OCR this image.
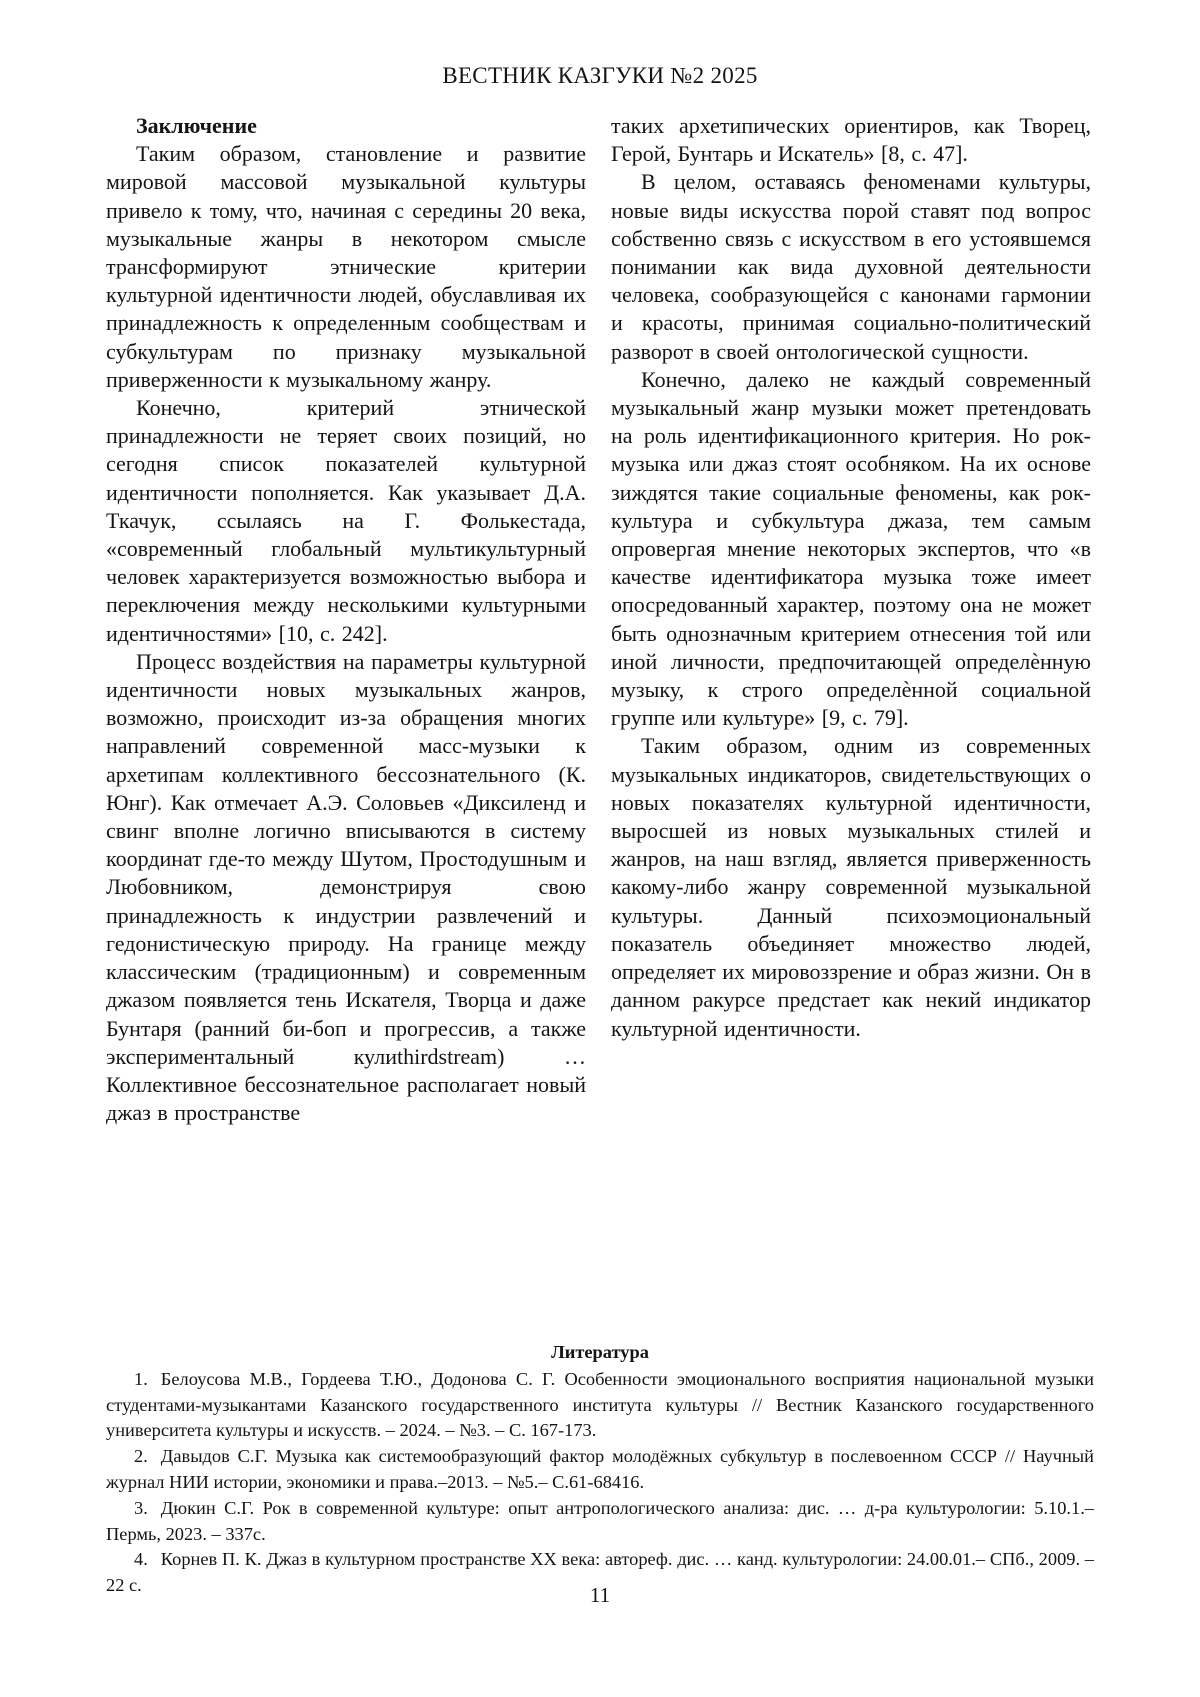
ВЕСТНИК КАЗГУКИ №2 2025

Заключение

Таким образом, становление и развитие мировой массовой музыкальной культуры привело к тому, что, начиная с середины 20 века, музыкальные жанры в некотором смысле трансформируют этнические критерии культурной идентичности людей, обуславливая их принадлежность к определенным сообществам и субкультурам по признаку музыкальной приверженности к музыкальному жанру.

Конечно, критерий этнической принадлежности не теряет своих позиций, но сегодня список показателей культурной идентичности пополняется. Как указывает Д.А. Ткачук, ссылаясь на Г. Фолькестада, «современный глобальный мультикультурный человек характеризуется возможностью выбора и переключения между несколькими культурными идентичностями» [10, с. 242].

Процесс воздействия на параметры культурной идентичности новых музыкальных жанров, возможно, происходит из-за обращения многих направлений современной масс-музыки к архетипам коллективного бессознательного (К. Юнг). Как отмечает А.Э. Соловьев «Диксиленд и свинг вполне логично вписываются в систему координат где-то между Шутом, Простодушным и Любовником, демонстрируя свою принадлежность к индустрии развлечений и гедонистическую природу. На границе между классическим (традиционным) и современным джазом появляется тень Искателя, Творца и даже Бунтаря (ранний би-боп и прогрессив, а также экспериментальный кулиthirdstream) … Коллективное бессознательное располагает новый джаз в пространстве

таких архетипических ориентиров, как Творец, Герой, Бунтарь и Искатель» [8, с. 47].

В целом, оставаясь феноменами культуры, новые виды искусства порой ставят под вопрос собственно связь с искусством в его устоявшемся понимании как вида духовной деятельности человека, сообразующейся с канонами гармонии и красоты, принимая социально-политический разворот в своей онтологической сущности.

Конечно, далеко не каждый современный музыкальный жанр музыки может претендовать на роль идентификационного критерия. Но рок-музыка или джаз стоят особняком. На их основе зиждятся такие социальные феномены, как рок-культура и субкультура джаза, тем самым опровергая мнение некоторых экспертов, что «в качестве идентификатора музыка тоже имеет опосредованный характер, поэтому она не может быть однозначным критерием отнесения той или иной личности, предпочитающей определѐнную музыку, к строго определѐнной социальной группе или культуре» [9, с. 79].

Таким образом, одним из современных музыкальных индикаторов, свидетельствующих о новых показателях культурной идентичности, выросшей из новых музыкальных стилей и жанров, на наш взгляд, является приверженность какому-либо жанру современной музыкальной культуры. Данный психоэмоциональный показатель объединяет множество людей, определяет их мировоззрение и образ жизни. Он в данном ракурсе предстает как некий индикатор культурной идентичности.

Литература

1. Белоусова М.В., Гордеева Т.Ю., Додонова С. Г. Особенности эмоционального восприятия национальной музыки студентами-музыкантами Казанского государственного института культуры // Вестник Казанского государственного университета культуры и искусств. – 2024. – №3. – С. 167-173.

2. Давыдов С.Г. Музыка как системообразующий фактор молодёжных субкультур в послевоенном СССР // Научный журнал НИИ истории, экономики и права.–2013. – №5.– С.61-68416.

3. Дюкин С.Г. Рок в современной культуре: опыт антропологического анализа: дис. … д-ра культурологии: 5.10.1.– Пермь, 2023. – 337с.

4. Корнев П. К. Джаз в культурном пространстве XX века: автореф. дис. … канд. культурологии: 24.00.01.– СПб., 2009. – 22 с.	11
